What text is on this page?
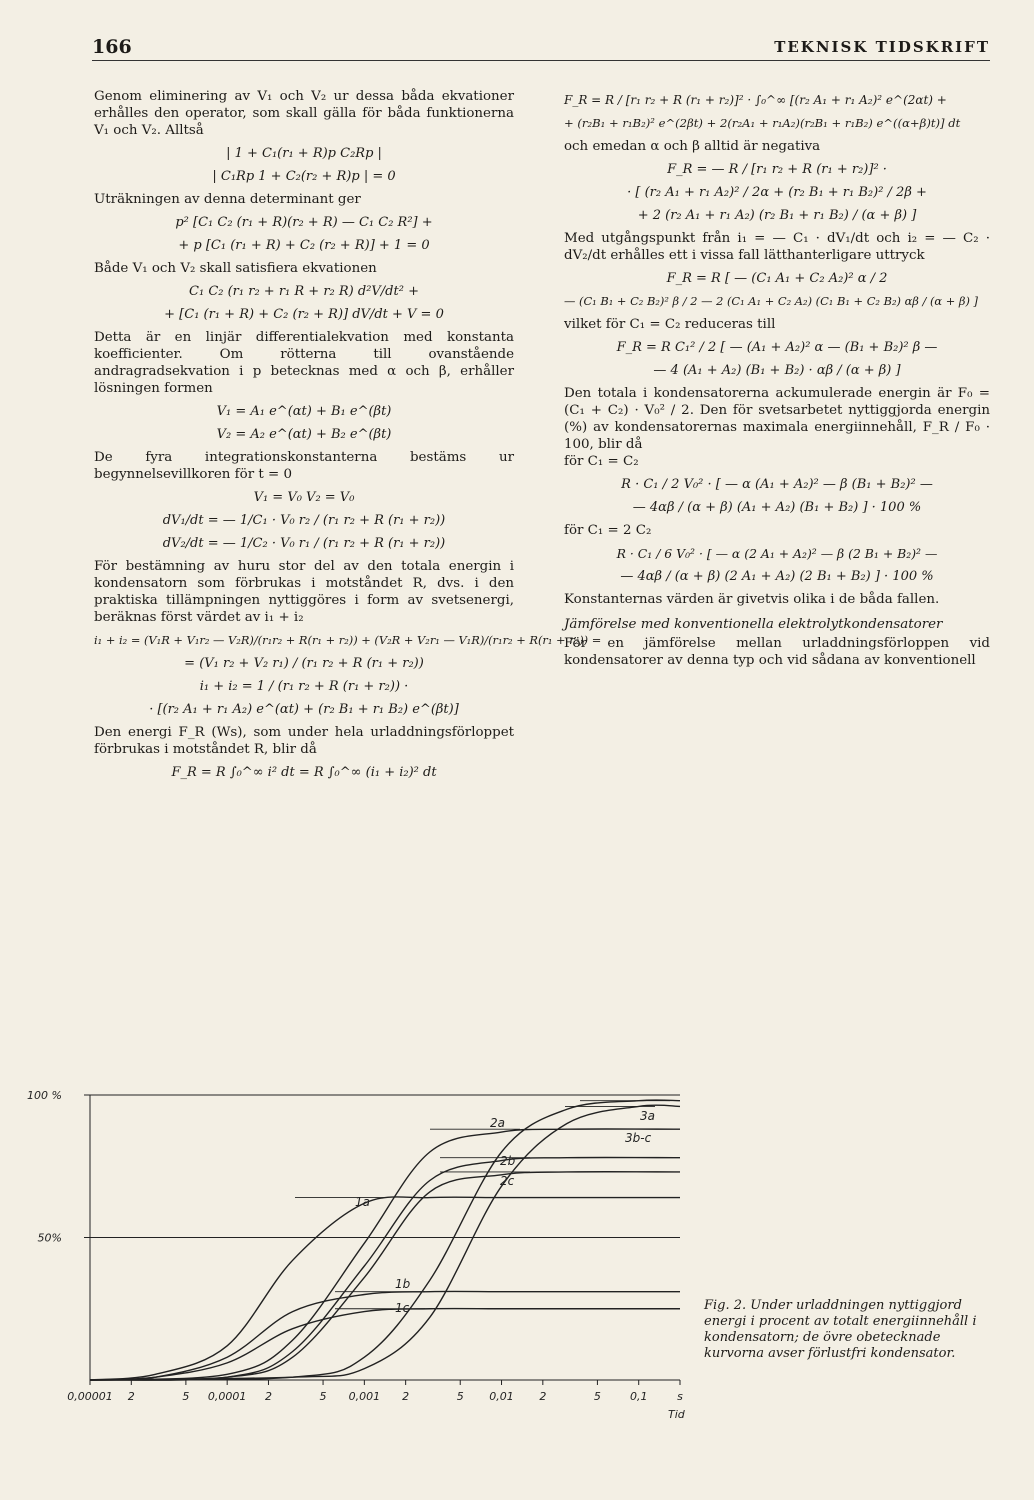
166	TEKNISK TIDSKRIFT

Genom eliminering av V₁ och V₂ ur dessa båda ekvationer erhålles den operator, som skall gälla för båda funktionerna V₁ och V₂. Alltså

| 1 + C₁(r₁ + R)p C₂Rp |
| C₁Rp 1 + C₂(r₂ + R)p | = 0

Uträkningen av denna determinant ger

p² [C₁ C₂ (r₁ + R)(r₂ + R) — C₁ C₂ R²] +
+ p [C₁ (r₁ + R) + C₂ (r₂ + R)] + 1 = 0

Både V₁ och V₂ skall satisfiera ekvationen

C₁ C₂ (r₁ r₂ + r₁ R + r₂ R) d²V/dt² +
+ [C₁ (r₁ + R) + C₂ (r₂ + R)] dV/dt + V = 0

Detta är en linjär differentialekvation med konstanta koefficienter. Om rötterna till ovanstående andragradsekvation i p betecknas med α och β, erhåller lösningen formen

V₁ = A₁ e^(αt) + B₁ e^(βt)
V₂ = A₂ e^(αt) + B₂ e^(βt)

De fyra integrationskonstanterna bestäms ur begynnelsevillkoren för t = 0

V₁ = V₀ V₂ = V₀
dV₁/dt = — 1/C₁ · V₀ r₂ / (r₁ r₂ + R (r₁ + r₂))
dV₂/dt = — 1/C₂ · V₀ r₁ / (r₁ r₂ + R (r₁ + r₂))

För bestämning av huru stor del av den totala energin i kondensatorn som förbrukas i motståndet R, dvs. i den praktiska tillämpningen nyttiggöres i form av svetsenergi, beräknas först värdet av i₁ + i₂

i₁ + i₂ = (V₁R + V₁r₂ — V₂R)/(r₁r₂ + R(r₁ + r₂)) + (V₂R + V₂r₁ — V₁R)/(r₁r₂ + R(r₁ + r₂)) =
= (V₁ r₂ + V₂ r₁) / (r₁ r₂ + R (r₁ + r₂))
i₁ + i₂ = 1 / (r₁ r₂ + R (r₁ + r₂)) ·
· [(r₂ A₁ + r₁ A₂) e^(αt) + (r₂ B₁ + r₁ B₂) e^(βt)]

Den energi F_R (Ws), som under hela urladdningsförloppet förbrukas i motståndet R, blir då

F_R = R ∫₀^∞ i² dt = R ∫₀^∞ (i₁ + i₂)² dt
F_R = R / [r₁ r₂ + R (r₁ + r₂)]² · ∫₀^∞ [(r₂ A₁ + r₁ A₂)² e^(2αt) +
+ (r₂B₁ + r₁B₂)² e^(2βt) + 2(r₂A₁ + r₁A₂)(r₂B₁ + r₁B₂) e^((α+β)t)] dt

och emedan α och β alltid är negativa

F_R = — R / [r₁ r₂ + R (r₁ + r₂)]² ·
· [ (r₂ A₁ + r₁ A₂)² / 2α + (r₂ B₁ + r₁ B₂)² / 2β +
+ 2 (r₂ A₁ + r₁ A₂) (r₂ B₁ + r₁ B₂) / (α + β) ]

Med utgångspunkt från i₁ = — C₁ · dV₁/dt och i₂ = — C₂ · dV₂/dt erhålles ett i vissa fall lätthanterligare uttryck

F_R = R [ — (C₁ A₁ + C₂ A₂)² α / 2
— (C₁ B₁ + C₂ B₂)² β / 2 — 2 (C₁ A₁ + C₂ A₂) (C₁ B₁ + C₂ B₂) αβ / (α + β) ]

vilket för C₁ = C₂ reduceras till

F_R = R C₁² / 2 [ — (A₁ + A₂)² α — (B₁ + B₂)² β —
— 4 (A₁ + A₂) (B₁ + B₂) · αβ / (α + β) ]

Den totala i kondensatorerna ackumulerade energin är F₀ = (C₁ + C₂) · V₀² / 2. Den för svetsarbetet nyttiggjorda energin (%) av kondensatorernas maximala energiinnehåll, F_R / F₀ · 100, blir då

för C₁ = C₂

R · C₁ / 2 V₀² · [ — α (A₁ + A₂)² — β (B₁ + B₂)² —
— 4αβ / (α + β) (A₁ + A₂) (B₁ + B₂) ] · 100 %

för C₁ = 2 C₂

R · C₁ / 6 V₀² · [ — α (2 A₁ + A₂)² — β (2 B₁ + B₂)² —
— 4αβ / (α + β) (2 A₁ + A₂) (2 B₁ + B₂) ] · 100 %

Konstanternas värden är givetvis olika i de båda fallen.

Jämförelse med konventionella elektrolytkondensatorer

För en jämförelse mellan urladdningsförloppen vid kondensatorer av denna typ och vid sådana av konventionell

100 %
50%
0,00001 2	5 0,0001 2	5 0,001 2	5 0,01 2	5	0,1	s
1a
1b
1c
2a
2b
2c
3a
3b-c
Tid
Fig. 2. Under urladdningen nyttiggjord energi i procent av totalt energiinnehåll i kondensatorn; de övre obetecknade kurvorna avser förlustfri kondensator.
